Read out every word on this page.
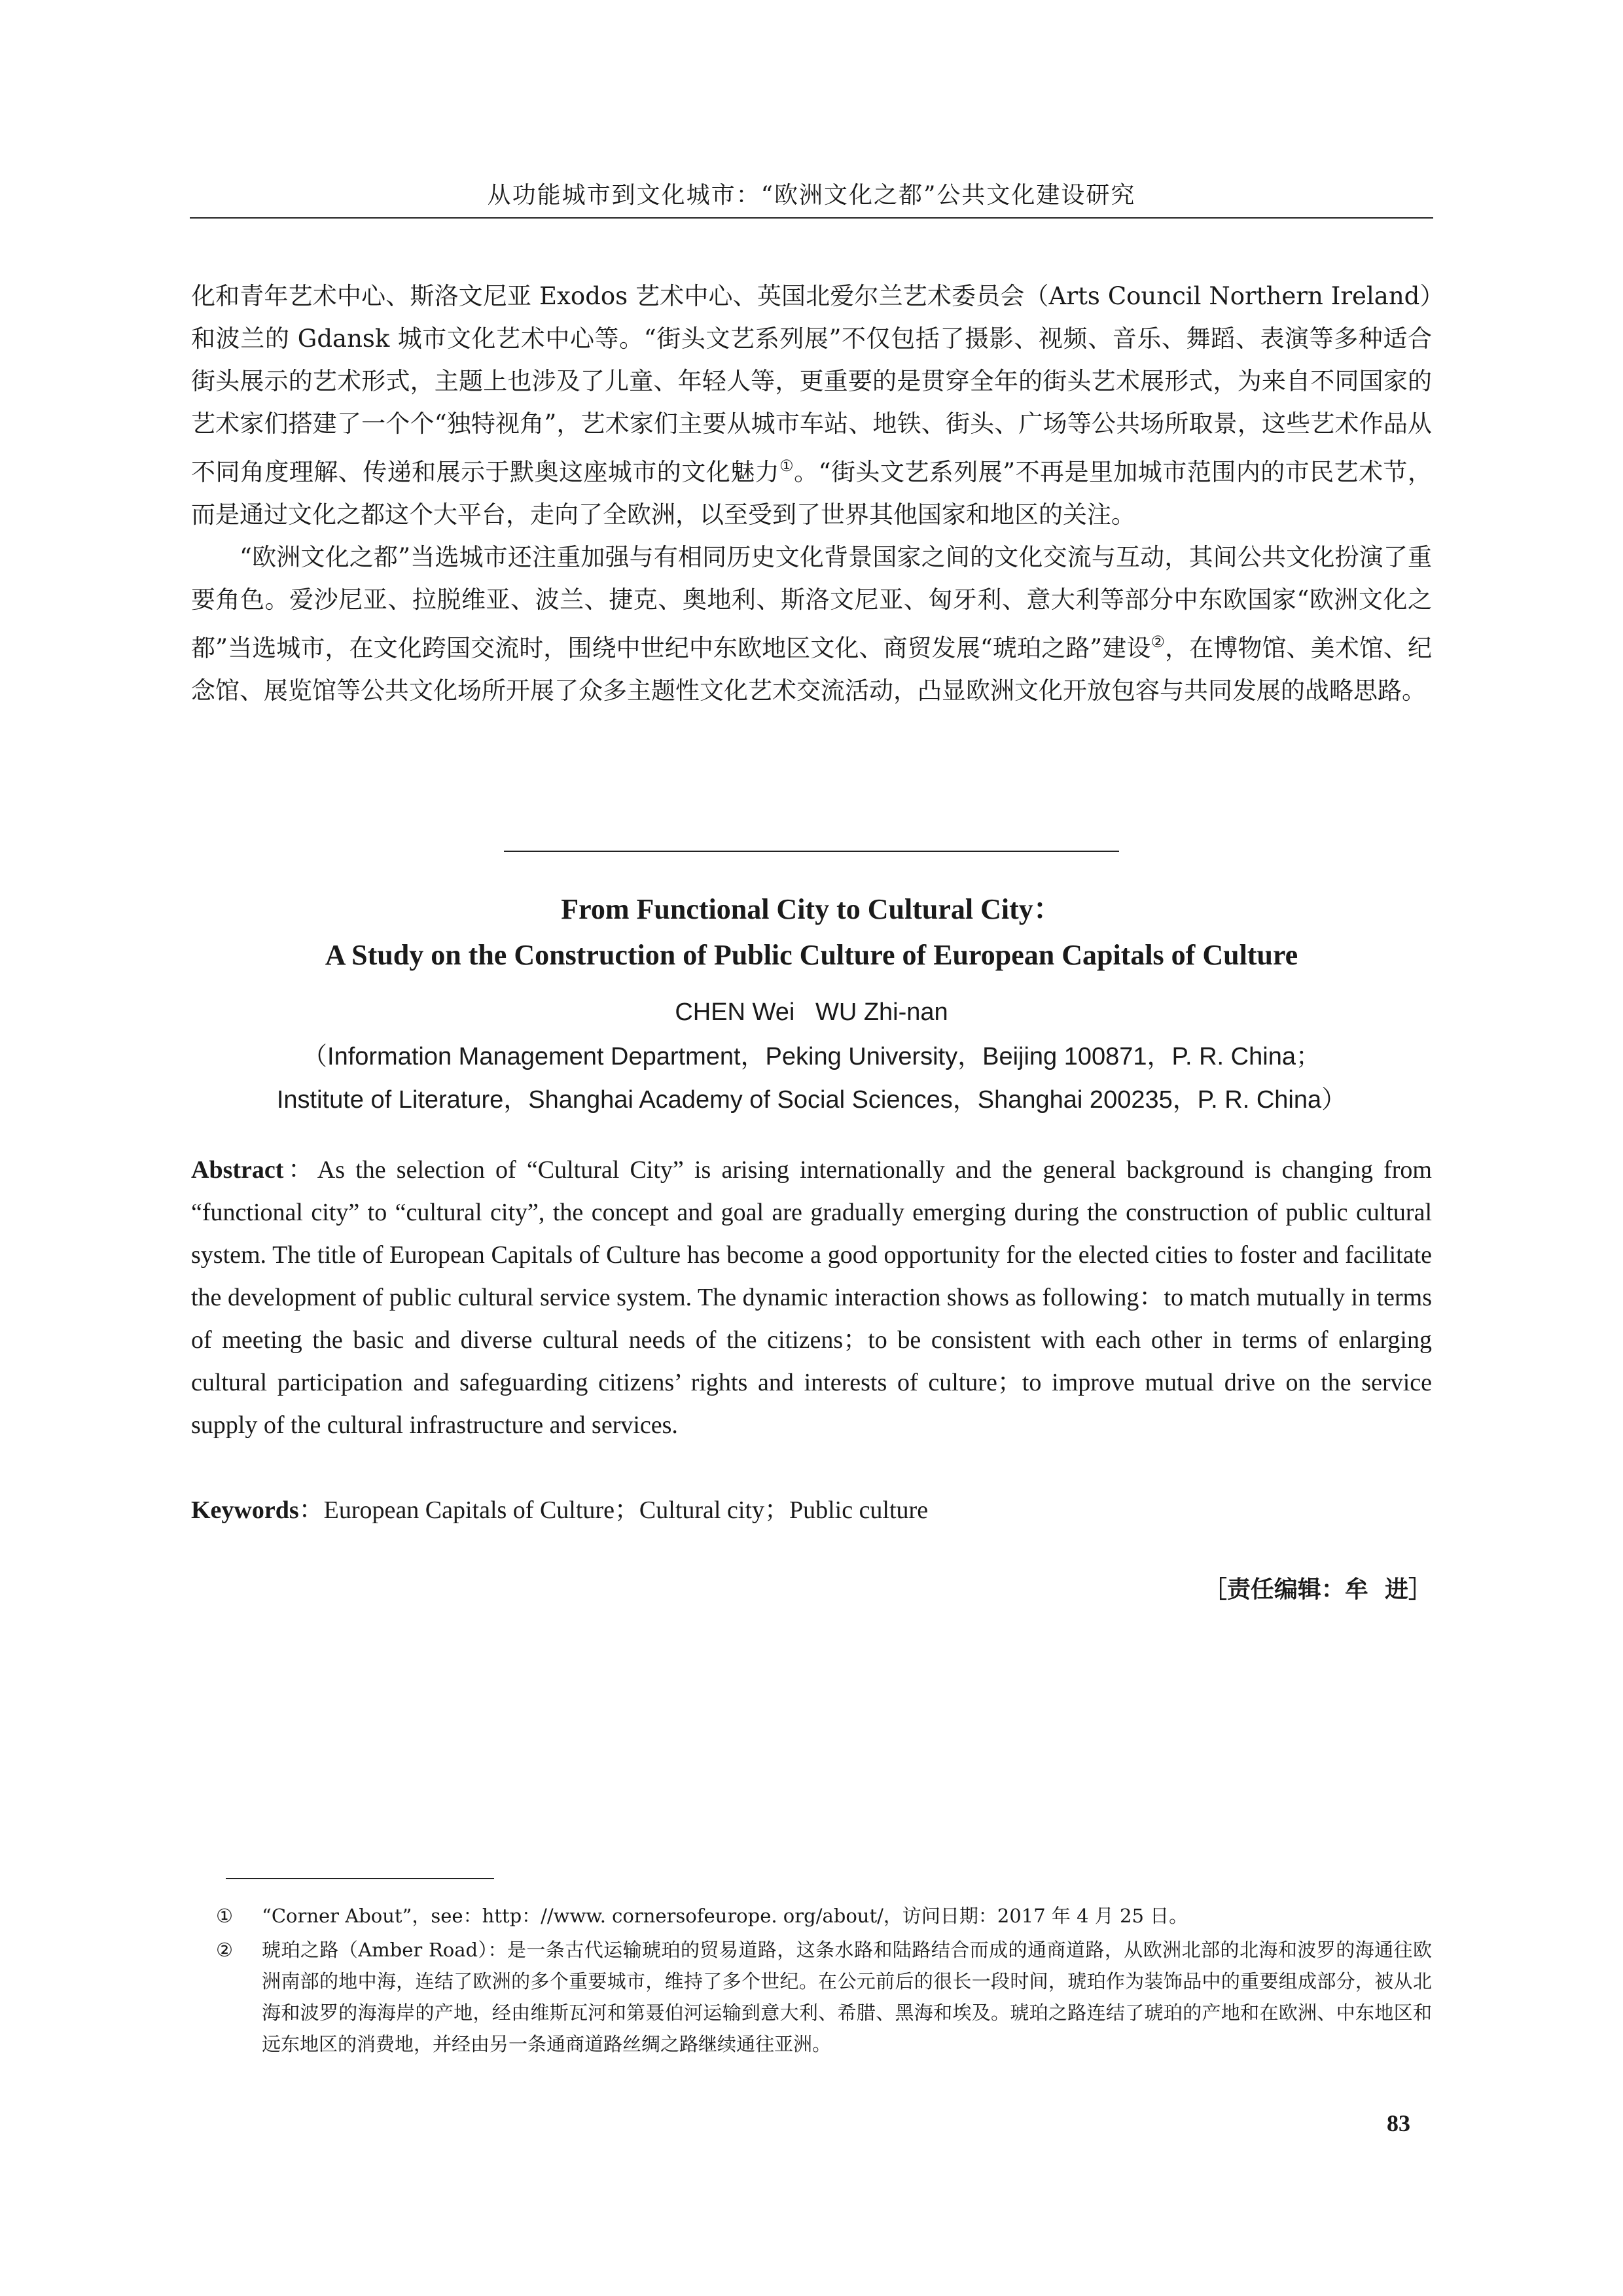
从功能城市到文化城市：“欧洲文化之都”公共文化建设研究

化和青年艺术中心、斯洛文尼亚 Exodos 艺术中心、英国北爱尔兰艺术委员会（Arts Council Northern Ireland）和波兰的 Gdansk 城市文化艺术中心等。“街头文艺系列展”不仅包括了摄影、视频、音乐、舞蹈、表演等多种适合街头展示的艺术形式，主题上也涉及了儿童、年轻人等，更重要的是贯穿全年的街头艺术展形式，为来自不同国家的艺术家们搭建了一个个“独特视角”，艺术家们主要从城市车站、地铁、街头、广场等公共场所取景，这些艺术作品从不同角度理解、传递和展示于默奥这座城市的文化魅力①。“街头文艺系列展”不再是里加城市范围内的市民艺术节，而是通过文化之都这个大平台，走向了全欧洲，以至受到了世界其他国家和地区的关注。

“欧洲文化之都”当选城市还注重加强与有相同历史文化背景国家之间的文化交流与互动，其间公共文化扮演了重要角色。爱沙尼亚、拉脱维亚、波兰、捷克、奥地利、斯洛文尼亚、匈牙利、意大利等部分中东欧国家“欧洲文化之都”当选城市，在文化跨国交流时，围绕中世纪中东欧地区文化、商贸发展“琥珀之路”建设②，在博物馆、美术馆、纪念馆、展览馆等公共文化场所开展了众多主题性文化艺术交流活动，凸显欧洲文化开放包容与共同发展的战略思路。

From Functional City to Cultural City：
A Study on the Construction of Public Culture of European Capitals of Culture
CHEN Wei   WU Zhi-nan
（Information Management Department，Peking University，Beijing 100871，P. R. China；
Institute of Literature，Shanghai Academy of Social Sciences，Shanghai 200235，P. R. China）
Abstract：As the selection of “Cultural City” is arising internationally and the general background is changing from “functional city” to “cultural city”, the concept and goal are gradually emerging during the construction of public cultural system. The title of European Capitals of Culture has become a good opportunity for the elected cities to foster and facilitate the development of public cultural service system. The dynamic interaction shows as following：to match mutually in terms of meeting the basic and diverse cultural needs of the citizens；to be consistent with each other in terms of enlarging cultural participation and safeguarding citizens’ rights and interests of culture；to improve mutual drive on the service supply of the cultural infrastructure and services.
Keywords：European Capitals of Culture；Cultural city；Public culture
［责任编辑：牟  进］
① “Corner About”，see：http：//www. cornersofeurope. org/about/，访问日期：2017 年 4 月 25 日。
② 琥珀之路（Amber Road）：是一条古代运输琥珀的贸易道路，这条水路和陆路结合而成的通商道路，从欧洲北部的北海和波罗的海通往欧洲南部的地中海，连结了欧洲的多个重要城市，维持了多个世纪。在公元前后的很长一段时间，琥珀作为装饰品中的重要组成部分，被从北海和波罗的海海岸的产地，经由维斯瓦河和第聂伯河运输到意大利、希腊、黑海和埃及。琥珀之路连结了琥珀的产地和在欧洲、中东地区和远东地区的消费地，并经由另一条通商道路丝绸之路继续通往亚洲。
83
